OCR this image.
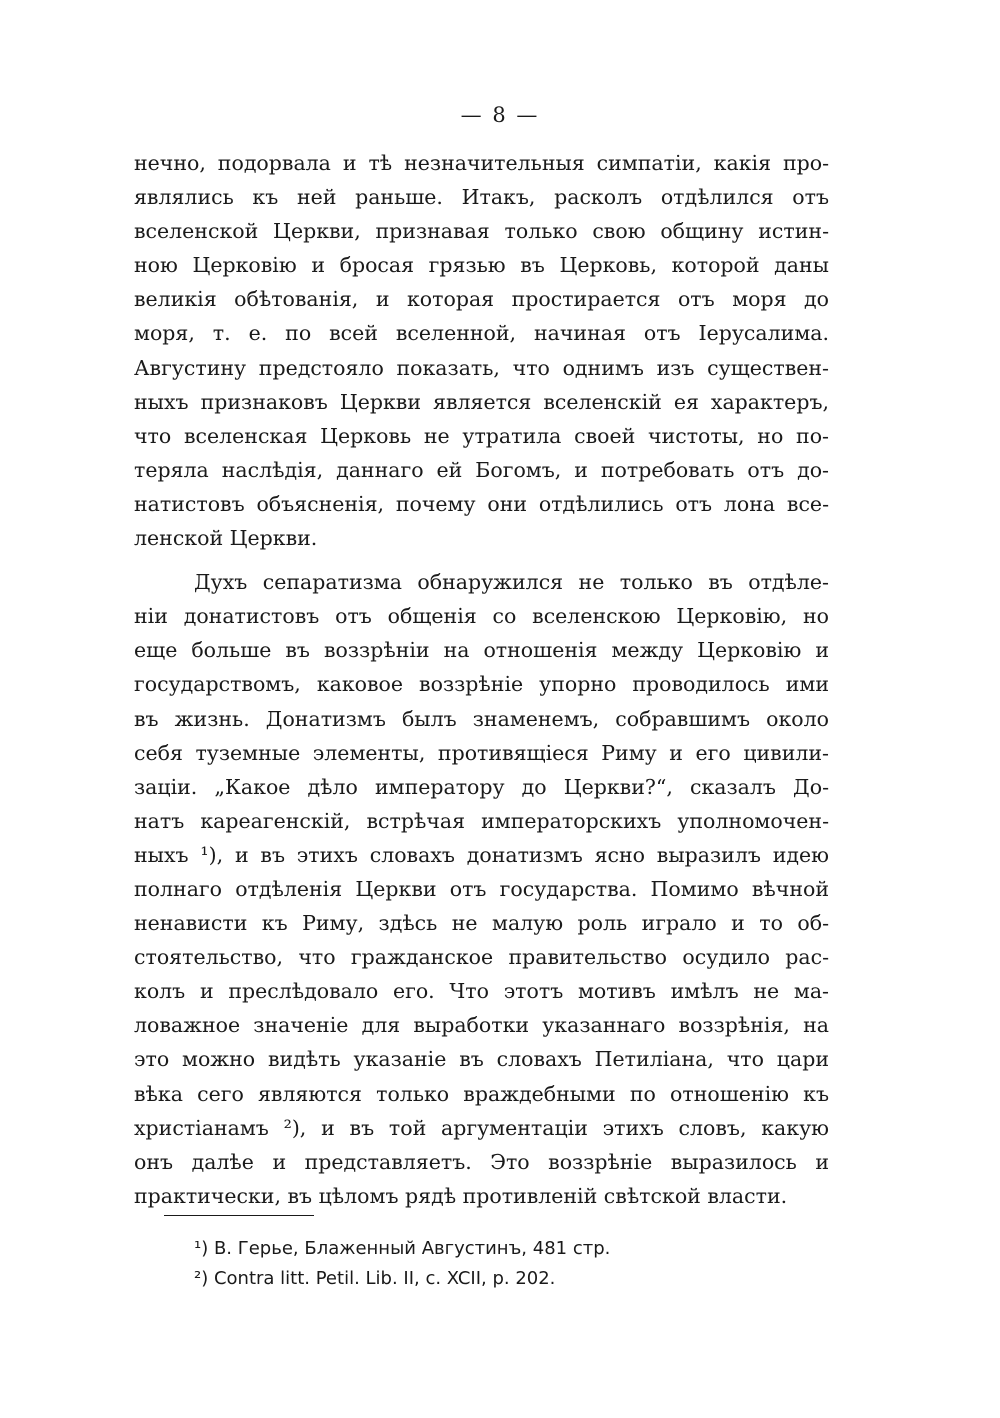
— 8 —
нечно, подорвала и тѣ незначительныя симпатіи, какія про-
являлись къ ней раньше. Итакъ, расколъ отдѣлился отъ
вселенской Церкви, признавая только свою общину истин-
ною Церковію и бросая грязью въ Церковь, которой даны
великія обѣтованія, и которая простирается отъ моря до
моря, т. е. по всей вселенной, начиная отъ Іерусалима.
Августину предстояло показать, что однимъ изъ существен-
ныхъ признаковъ Церкви является вселенскій ея характеръ,
что вселенская Церковь не утратила своей чистоты, но по-
теряла наслѣдія, даннаго ей Богомъ, и потребовать отъ до-
натистовъ объясненія, почему они отдѣлились отъ лона все-
ленской Церкви.
Духъ сепаратизма обнаружился не только въ отдѣле-
ніи донатистовъ отъ общенія со вселенскою Церковію, но
еще больше въ воззрѣніи на отношенія между Церковію и
государствомъ, каковое воззрѣніе упорно проводилось ими
въ жизнь. Донатизмъ былъ знаменемъ, собравшимъ около
себя туземные элементы, противящіеся Риму и его цивили-
заціи. „Какое дѣло императору до Церкви?“, сказалъ До-
натъ кареагенскій, встрѣчая императорскихъ уполномочен-
ныхъ ¹), и въ этихъ словахъ донатизмъ ясно выразилъ идею
полнаго отдѣленія Церкви отъ государства. Помимо вѣчной
ненависти къ Риму, здѣсь не малую роль играло и то об-
стоятельство, что гражданское правительство осудило рас-
колъ и преслѣдовало его. Что этотъ мотивъ имѣлъ не ма-
ловажное значеніе для выработки указаннаго воззрѣнія, на
это можно видѣть указаніе въ словахъ Петиліана, что цари
вѣка сего являются только враждебными по отношенію къ
христіанамъ ²), и въ той аргументаціи этихъ словъ, какую
онъ далѣе и представляетъ. Это воззрѣніе выразилось и
практически, въ цѣломъ рядѣ противленій свѣтской власти.
¹) В. Герье, Блаженный Августинъ, 481 стр.
²) Contra litt. Petil. Lib. II, c. XCII, p. 202.
